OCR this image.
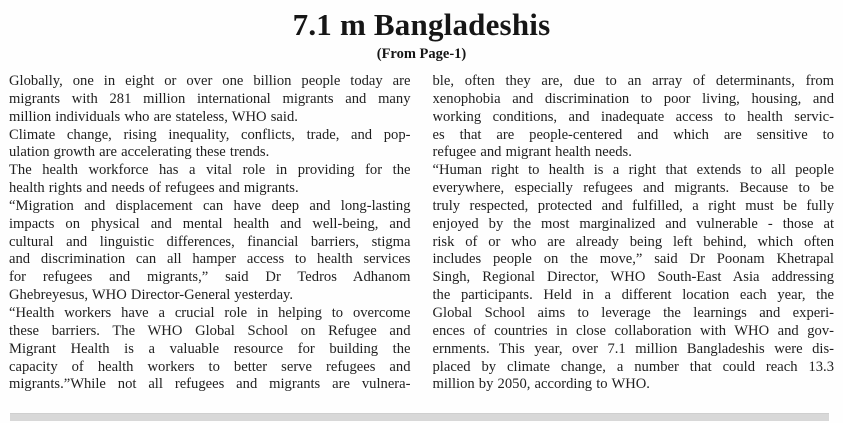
7.1 m Bangladeshis
(From Page-1)
Globally, one in eight or over one billion people today are
migrants with 281 million international migrants and many
million individuals who are stateless, WHO said.
Climate change, rising inequality, conflicts, trade, and pop-
ulation growth are accelerating these trends.
The health workforce has a vital role in providing for the
health rights and needs of refugees and migrants.
“Migration and displacement can have deep and long-lasting
impacts on physical and mental health and well-being, and
cultural and linguistic differences, financial barriers, stigma
and discrimination can all hamper access to health services
for refugees and migrants,” said Dr Tedros Adhanom
Ghebreyesus, WHO Director-General yesterday.
“Health workers have a crucial role in helping to overcome
these barriers. The WHO Global School on Refugee and
Migrant Health is a valuable resource for building the
capacity of health workers to better serve refugees and
migrants.”While not all refugees and migrants are vulnera-
ble, often they are, due to an array of determinants, from
xenophobia and discrimination to poor living, housing, and
working conditions, and inadequate access to health servic-
es that are people-centered and which are sensitive to
refugee and migrant health needs.
“Human right to health is a right that extends to all people
everywhere, especially refugees and migrants. Because to be
truly respected, protected and fulfilled, a right must be fully
enjoyed by the most marginalized and vulnerable - those at
risk of or who are already being left behind, which often
includes people on the move,” said Dr Poonam Khetrapal
Singh, Regional Director, WHO South-East Asia addressing
the participants. Held in a different location each year, the
Global School aims to leverage the learnings and experi-
ences of countries in close collaboration with WHO and gov-
ernments. This year, over 7.1 million Bangladeshis were dis-
placed by climate change, a number that could reach 13.3
million by 2050, according to WHO.
